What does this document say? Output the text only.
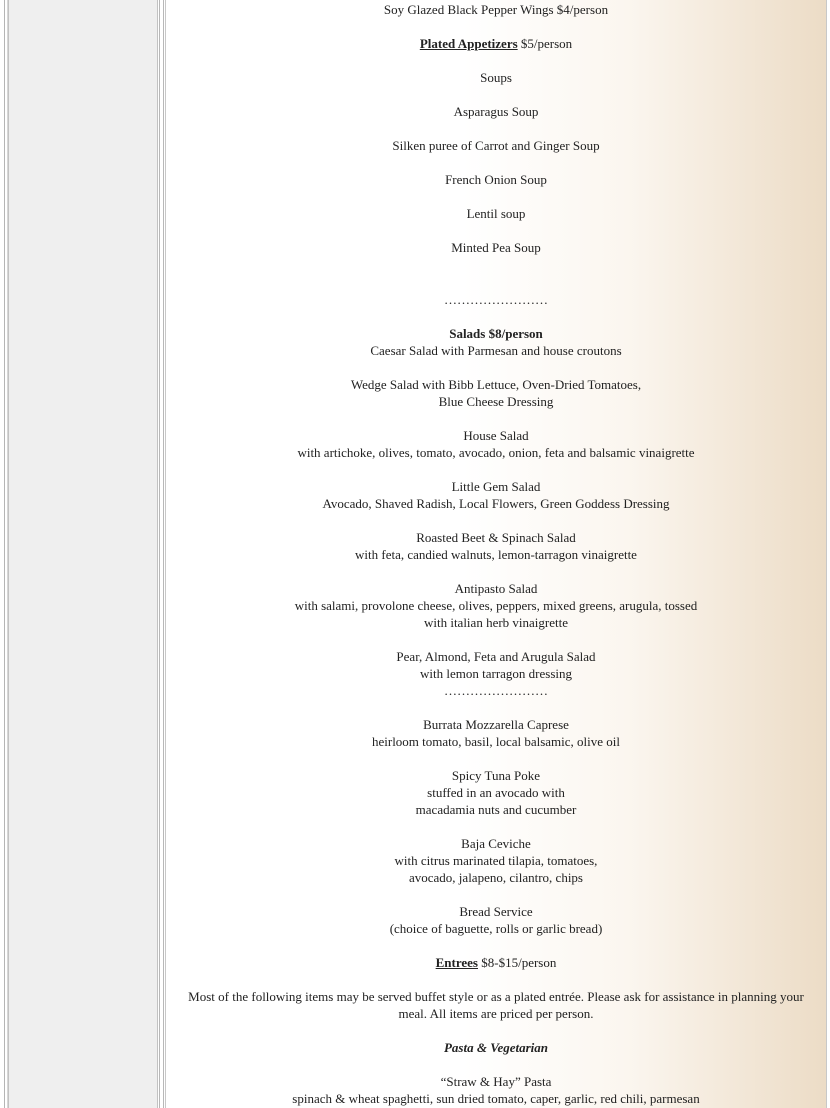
Soy Glazed Black Pepper Wings $4/person
Plated Appetizers $5/person
Soups
Asparagus Soup
Silken puree of Carrot and Ginger Soup
French Onion Soup
Lentil soup
Minted Pea Soup
……………………
Salads $8/person
Caesar Salad with Parmesan and house croutons
Wedge Salad with Bibb Lettuce, Oven-Dried Tomatoes,
Blue Cheese Dressing
House Salad
with artichoke, olives, tomato, avocado, onion, feta and balsamic vinaigrette
Little Gem Salad
Avocado, Shaved Radish, Local Flowers, Green Goddess Dressing
Roasted Beet & Spinach Salad
with feta, candied walnuts, lemon-tarragon vinaigrette
Antipasto Salad
with salami, provolone cheese, olives, peppers, mixed greens, arugula, tossed
with italian herb vinaigrette
Pear, Almond, Feta and Arugula Salad
with lemon tarragon dressing
……………………
Burrata Mozzarella Caprese
heirloom tomato, basil, local balsamic, olive oil
Spicy Tuna Poke
stuffed in an avocado with
macadamia nuts and cucumber
Baja Ceviche
with citrus marinated tilapia, tomatoes,
avocado, jalapeno, cilantro, chips
Bread Service
(choice of baguette, rolls or garlic bread)
Entrees $8-$15/person
Most of the following items may be served buffet style or as a plated entrée. Please ask for assistance in planning your
meal. All items are priced per person.
Pasta & Vegetarian
“Straw & Hay” Pasta
spinach & wheat spaghetti, sun dried tomato, caper, garlic, red chili, parmesan
